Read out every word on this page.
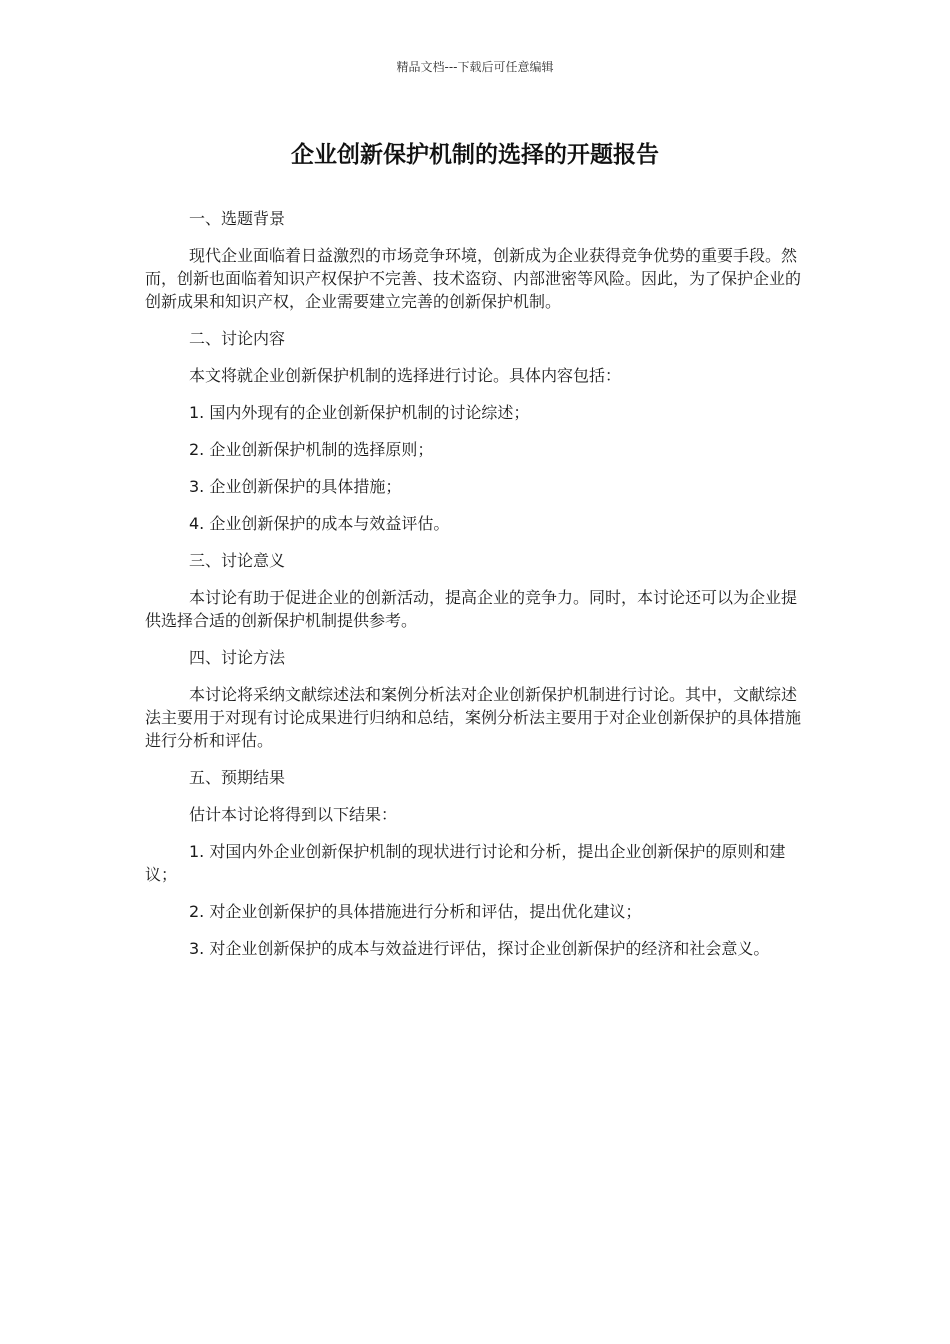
精品文档---下载后可任意编辑
企业创新保护机制的选择的开题报告

一、选题背景

现代企业面临着日益激烈的市场竞争环境，创新成为企业获得竞争优势的重要手段。然而，创新也面临着知识产权保护不完善、技术盗窃、内部泄密等风险。因此，为了保护企业的创新成果和知识产权，企业需要建立完善的创新保护机制。

二、讨论内容

本文将就企业创新保护机制的选择进行讨论。具体内容包括：

1. 国内外现有的企业创新保护机制的讨论综述；

2. 企业创新保护机制的选择原则；

3. 企业创新保护的具体措施；

4. 企业创新保护的成本与效益评估。

三、讨论意义

本讨论有助于促进企业的创新活动，提高企业的竞争力。同时，本讨论还可以为企业提供选择合适的创新保护机制提供参考。

四、讨论方法

本讨论将采纳文献综述法和案例分析法对企业创新保护机制进行讨论。其中，文献综述法主要用于对现有讨论成果进行归纳和总结，案例分析法主要用于对企业创新保护的具体措施进行分析和评估。

五、预期结果

估计本讨论将得到以下结果：

1. 对国内外企业创新保护机制的现状进行讨论和分析，提出企业创新保护的原则和建议；

2. 对企业创新保护的具体措施进行分析和评估，提出优化建议；

3. 对企业创新保护的成本与效益进行评估，探讨企业创新保护的经济和社会意义。
